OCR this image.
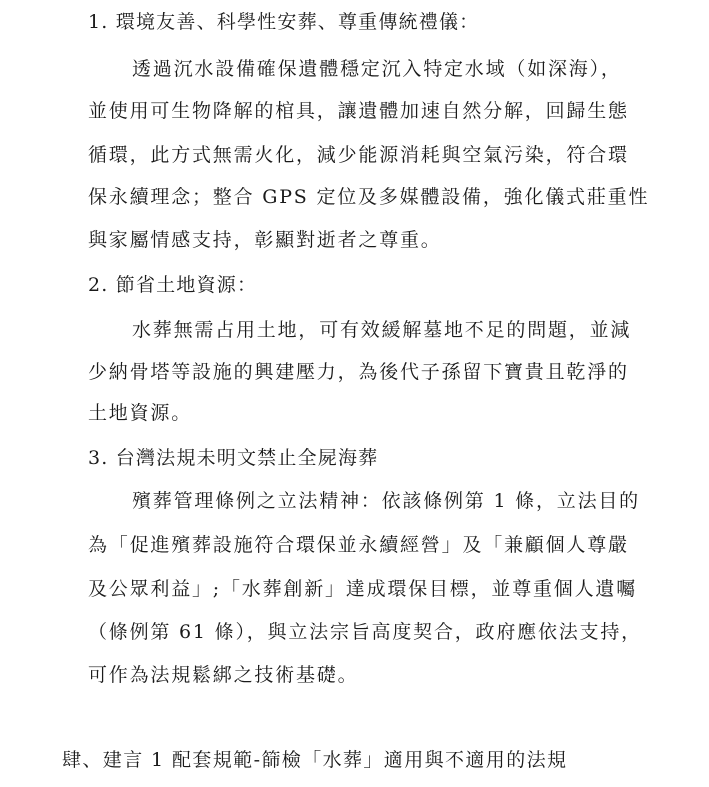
1. 環境友善、科學性安葬、尊重傳統禮儀：
透過沉水設備確保遺體穩定沉入特定水域（如深海），
並使用可生物降解的棺具，讓遺體加速自然分解，回歸生態
循環，此方式無需火化，減少能源消耗與空氣污染，符合環
保永續理念；整合 GPS 定位及多媒體設備，強化儀式莊重性
與家屬情感支持，彰顯對逝者之尊重。
2. 節省土地資源：
水葬無需占用土地，可有效緩解墓地不足的問題，並減
少納骨塔等設施的興建壓力，為後代子孫留下寶貴且乾淨的
土地資源。
3. 台灣法規未明文禁止全屍海葬
殯葬管理條例之立法精神：依該條例第 1 條，立法目的
為「促進殯葬設施符合環保並永續經營」及「兼顧個人尊嚴
及公眾利益」;「水葬創新」達成環保目標，並尊重個人遺囑
（條例第 61 條），與立法宗旨高度契合，政府應依法支持，
可作為法規鬆綁之技術基礎。
肆、建言 1 配套規範-篩檢「水葬」適用與不適用的法規
